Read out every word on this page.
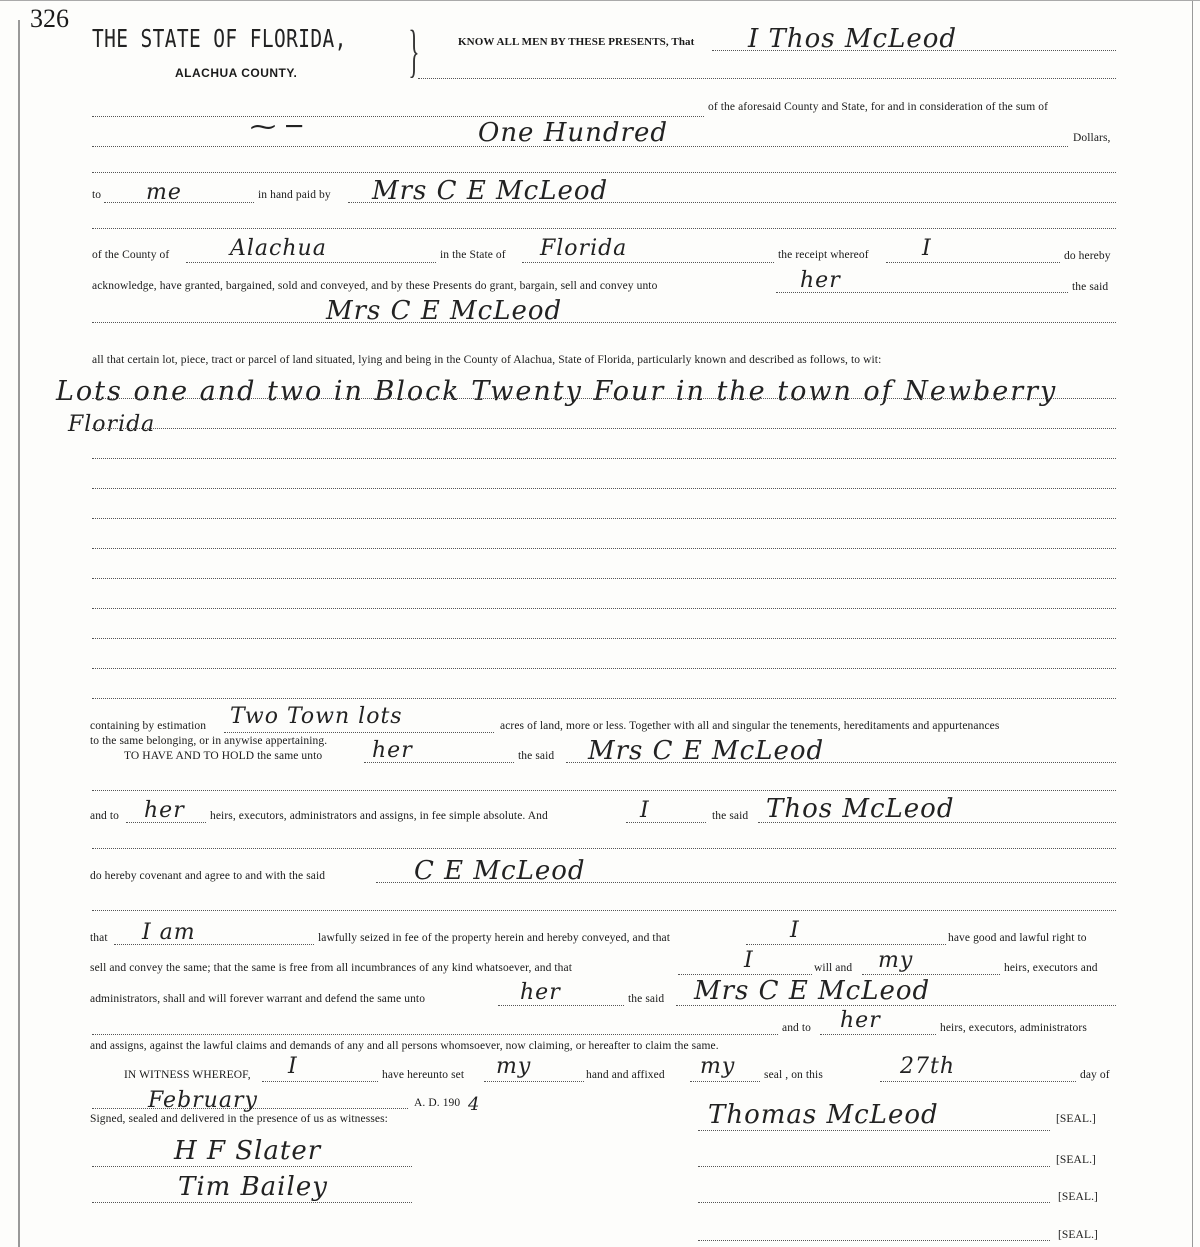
326
THE STATE OF FLORIDA,
ALACHUA COUNTY. }	KNOW ALL MEN BY THESE PRESENTS, That I Thos McLeod
of the aforesaid County and State, for and in consideration of the sum of
⁓ ─	One Hundred	Dollars,
to me	in hand paid by Mrs C E McLeod
of the County of	Alachua	in the State of Florida	the receipt whereof I	do hereby
acknowledge, have granted, bargained, sold and conveyed, and by these Presents do grant, bargain, sell and convey unto	her	the said
Mrs C E McLeod
all that certain lot, piece, tract or parcel of land situated, lying and being in the County of Alachua, State of Florida, particularly known and described as follows, to wit:
Lots one and two in Block Twenty Four in the town of Newberry
Florida
containing by estimation Two Town lots	acres of land, more or less. Together with all and singular the tenements, hereditaments and appurtenances
to the same belonging, or in anywise appertaining.
TO HAVE AND TO HOLD the same unto her	the said Mrs C E McLeod
and to her heirs, executors, administrators and assigns, in fee simple absolute. And	I	the said Thos McLeod
do hereby covenant and agree to and with the said	C E McLeod
that I am	lawfully seized in fee of the property herein and hereby conveyed, and that	I	have good and lawful right to
sell and convey the same; that the same is free from all incumbrances of any kind whatsoever, and that	I	will and my	heirs, executors and
administrators, shall and will forever warrant and defend the same unto	her	the said Mrs C E McLeod
and to her	heirs, executors, administrators
and assigns, against the lawful claims and demands of any and all persons whomsoever, now claiming, or hereafter to claim the same.
IN WITNESS WHEREOF, I	have hereunto set my	hand and affixed my seal , on this	27th	day of
February	A. D. 190 4
Signed, sealed and delivered in the presence of us as witnesses:	Thomas McLeod	[SEAL.]
H F Slater	[SEAL.]
Tim Bailey	[SEAL.]
[SEAL.]
